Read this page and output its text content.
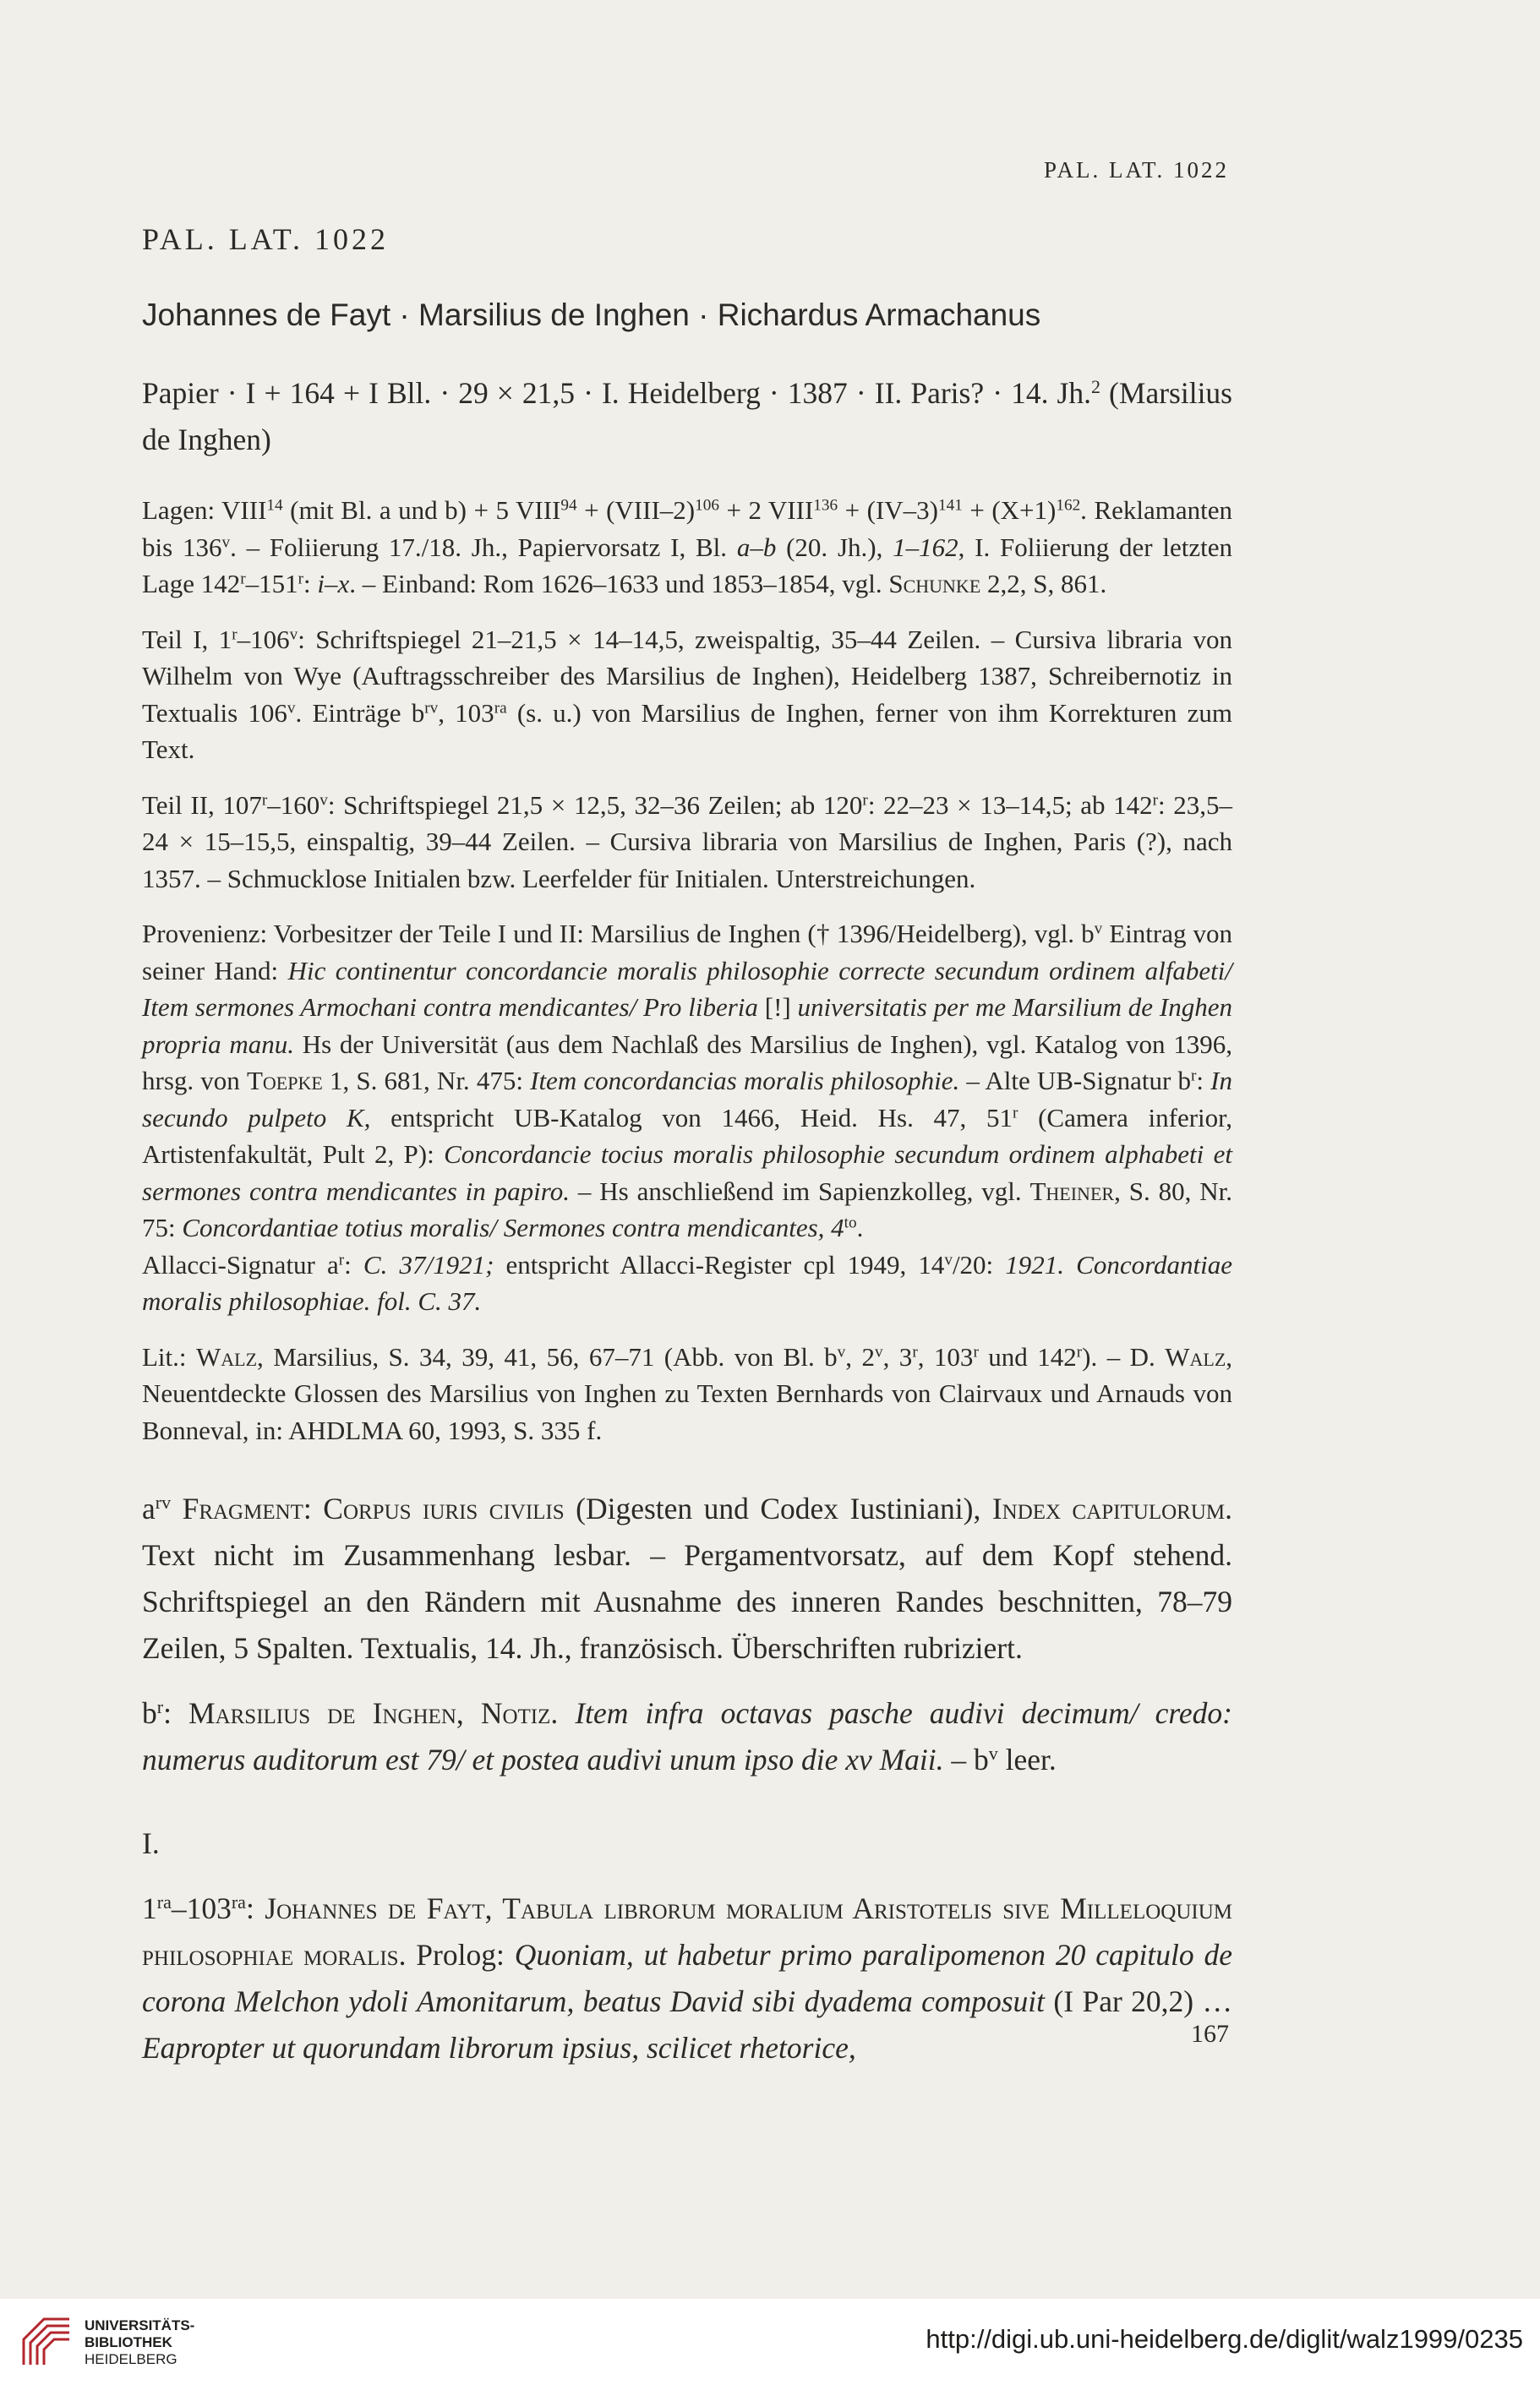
PAL. LAT. 1022
PAL. LAT. 1022
Johannes de Fayt · Marsilius de Inghen · Richardus Armachanus

Papier · I + 164 + I Bll. · 29 × 21,5 · I. Heidelberg · 1387 · II. Paris? · 14. Jh.$^2$ (Marsilius de Inghen)

Lagen: VIII$^{14}$ (mit Bl. a und b) + 5 $VIII^{94}$ + (VIII–2)$^{106}$ + 2 $VIII^{136} + (IV-3)^{141} + (X+1)^{162}$. Reklamanten bis 136$^v$. – Foliierung 17./18. Jh., Papiervorsatz I, Bl. a–b (20. Jh.), 1–162, I. Foliierung der letzten Lage 142$^r$–151$^r$: i–x. – Einband: Rom 1626–1633 und 1853–1854, vgl. Schunke 2,2, S, 861.

Teil I, 1$^r$–106$^v$: Schriftspiegel 21–21,5 × 14–14,5, zweispaltig, 35–44 Zeilen. – Cursiva libraria von Wilhelm von Wye (Auftragsschreiber des Marsilius de Inghen), Heidelberg 1387, Schreibernotiz in Textualis 106$^v$. Einträge $b^{rv}$, $103^{ra}$ (s. u.) von Marsilius de Inghen, ferner von ihm Korrekturen zum Text.

Teil II, 107$^r$–160$^v$: Schriftspiegel 21,5 × 12,5, 32–36 Zeilen; ab 120$^r$: 22–23 × 13–14,5; ab 142$^r$: 23,5–24 × 15–15,5, einspaltig, 39–44 Zeilen. – Cursiva libraria von Marsilius de Inghen, Paris (?), nach 1357. – Schmucklose Initialen bzw. Leerfelder für Initialen. Unterstreichungen.

Provenienz: Vorbesitzer der Teile I und II: Marsilius de Inghen († 1396/Heidelberg), vgl. $b^v$ Eintrag von seiner Hand: Hic continentur concordancie moralis philosophie correcte secundum ordinem alfabeti/ Item sermones Armochani contra mendicantes/ Pro liberia [!] universitatis per me Marsilium de Inghen propria manu. Hs der Universität (aus dem Nachlaß des Marsilius de Inghen), vgl. Katalog von 1396, hrsg. von Toepke 1, S. 681, Nr. 475: Item concordancias moralis philosophie. – Alte UB-Signatur $b^r$: In secundo pulpeto K, entspricht UB-Katalog von 1466, Heid. Hs. 47, 51$^r$ (Camera inferior, Artistenfakultät, Pult 2, P): Concordancie tocius moralis philosophie secundum ordinem alphabeti et sermones contra mendicantes in papiro. – Hs anschließend im Sapienzkolleg, vgl. Theiner, S. 80, Nr. 75: Concordantiae totius moralis/ Sermones contra mendicantes, $4^{to}$.

Allacci-Signatur $a^r$: C. 37/1921; entspricht Allacci-Register cpl 1949, 14$^v$/20: 1921. Concordantiae moralis philosophiae. fol. C. 37.

Lit.: Walz, Marsilius, S. 34, 39, 41, 56, 67–71 (Abb. von Bl. $b^v$, 2$^v$, 3$^r$, 103$^r$ und 142$^r$). – D. Walz, Neuentdeckte Glossen des Marsilius von Inghen zu Texten Bernhards von Clairvaux und Arnauds von Bonneval, in: AHDLMA 60, 1993, S. 335 f.

$a^{rv}$ Fragment: Corpus iuris civilis (Digesten und Codex Iustiniani), Index capitulorum. Text nicht im Zusammenhang lesbar. – Pergamentvorsatz, auf dem Kopf stehend. Schriftspiegel an den Rändern mit Ausnahme des inneren Randes beschnitten, 78–79 Zeilen, 5 Spalten. Textualis, 14. Jh., französisch. Überschriften rubriziert.

$b^r$: Marsilius de Inghen, Notiz. Item infra octavas pasche audivi decimum/ credo: numerus auditorum est 79/ et postea audivi unum ipso die xv Maii. – $b^v$ leer.

I.

$1^{ra}-103^{ra}$: Johannes de Fayt, Tabula librorum moralium Aristotelis sive Milleloquium philosophiae moralis. Prolog: Quoniam, ut habetur primo paralipomenon 20 capitulo de corona Melchon ydoli Amonitarum, beatus David sibi dyadema composuit (I Par 20,2) … Eapropter ut quorundam librorum ipsius, scilicet rhetorice,	167
UNIVERSITÄTS-
BIBLIOTHEK
HEIDELBERG
http://digi.ub.uni-heidelberg.de/diglit/walz1999/0235
